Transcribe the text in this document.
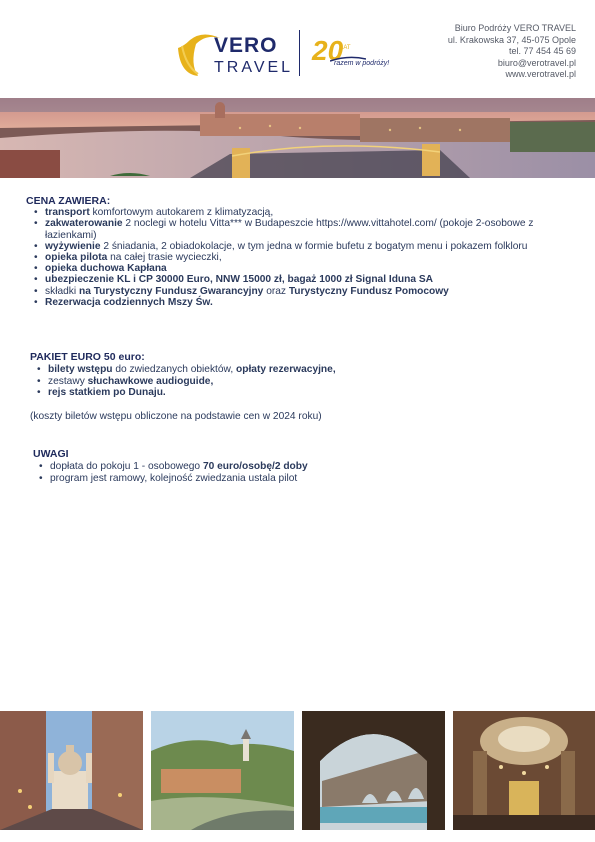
VERO
TRAVEL
20
LAT
razem w podróży!
Biuro Podróży VERO TRAVEL
ul. Krakowska 37, 45-075 Opole
tel. 77 454 45 69
biuro@verotravel.pl
www.verotravel.pl
CENA ZAWIERA:
• transport komfortowym autokarem z klimatyzacją,
• zakwaterowanie 2 noclegi w hotelu Vitta*** w Budapeszcie https://www.vittahotel.com/ (pokoje 2-osobowe z łazienkami)
• wyżywienie 2 śniadania, 2 obiadokolacje, w tym jedna w formie bufetu z bogatym menu i pokazem folkloru
• opieka pilota na całej trasie wycieczki,
• opieka duchowa Kapłana
• ubezpieczenie KL i CP 30000 Euro, NNW 15000 zł, bagaż 1000 zł Signal Iduna SA
• składki na Turystyczny Fundusz Gwarancyjny oraz Turystyczny Fundusz Pomocowy
• Rezerwacja codziennych Mszy Św.
PAKIET EURO 50 euro:
• bilety wstępu do zwiedzanych obiektów, opłaty rezerwacyjne,
• zestawy słuchawkowe audioguide,
• rejs statkiem po Dunaju.
(koszty biletów wstępu obliczone na podstawie cen w 2024 roku)
UWAGI
• dopłata do pokoju 1 - osobowego 70 euro/osobę/2 doby
• program jest ramowy, kolejność zwiedzania ustala pilot
